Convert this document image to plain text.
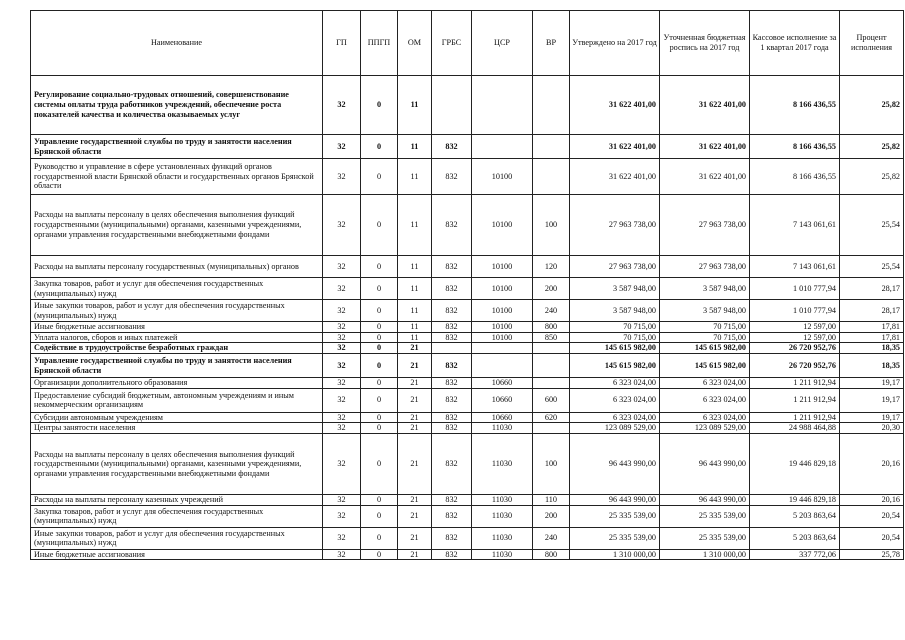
Наименование	ГП	ППГП	ОМ	ГРБС	ЦСР	ВР	Утверждено на 2017 год	Уточненная бюджетная роспись на 2017 год	Кассовое исполнение за 1 квартал 2017 года	Процент исполнения
Регулирование социально-трудовых отношений, совершенствование системы оплаты труда работников учреждений, обеспечение роста показателей качества и количества оказываемых услуг	32	0	11				31 622 401,00	31 622 401,00	8 166 436,55	25,82
Управление государственной службы по труду и занятости населения Брянской области	32	0	11	832			31 622 401,00	31 622 401,00	8 166 436,55	25,82
Руководство и управление в сфере установленных функций органов государственной власти Брянской области и государственных органов Брянской области	32	0	11	832	10100		31 622 401,00	31 622 401,00	8 166 436,55	25,82
Расходы на выплаты персоналу в целях обеспечения выполнения функций государственными (муниципальными) органами, казенными учреждениями, органами управления государственными внебюджетными фондами	32	0	11	832	10100	100	27 963 738,00	27 963 738,00	7 143 061,61	25,54
Расходы на выплаты персоналу государственных (муниципальных) органов	32	0	11	832	10100	120	27 963 738,00	27 963 738,00	7 143 061,61	25,54
Закупка товаров, работ и услуг для обеспечения государственных (муниципальных) нужд	32	0	11	832	10100	200	3 587 948,00	3 587 948,00	1 010 777,94	28,17
Иные закупки товаров, работ и услуг для обеспечения государственных (муниципальных) нужд	32	0	11	832	10100	240	3 587 948,00	3 587 948,00	1 010 777,94	28,17
Иные бюджетные ассигнования	32	0	11	832	10100	800	70 715,00	70 715,00	12 597,00	17,81
Уплата налогов, сборов и иных платежей	32	0	11	832	10100	850	70 715,00	70 715,00	12 597,00	17,81
Содействие в трудоустройстве безработных граждан	32	0	21				145 615 982,00	145 615 982,00	26 720 952,76	18,35
Управление государственной службы по труду и занятости населения Брянской области	32	0	21	832			145 615 982,00	145 615 982,00	26 720 952,76	18,35
Организации дополнительного образования	32	0	21	832	10660		6 323 024,00	6 323 024,00	1 211 912,94	19,17
Предоставление субсидий бюджетным, автономным учреждениям и иным некоммерческим организациям	32	0	21	832	10660	600	6 323 024,00	6 323 024,00	1 211 912,94	19,17
Субсидии автономным учреждениям	32	0	21	832	10660	620	6 323 024,00	6 323 024,00	1 211 912,94	19,17
Центры занятости населения	32	0	21	832	11030		123 089 529,00	123 089 529,00	24 988 464,88	20,30
Расходы на выплаты персоналу в целях обеспечения выполнения функций государственными (муниципальными) органами, казенными учреждениями, органами управления государственными внебюджетными фондами	32	0	21	832	11030	100	96 443 990,00	96 443 990,00	19 446 829,18	20,16
Расходы на выплаты персоналу казенных учреждений	32	0	21	832	11030	110	96 443 990,00	96 443 990,00	19 446 829,18	20,16
Закупка товаров, работ и услуг для обеспечения государственных (муниципальных) нужд	32	0	21	832	11030	200	25 335 539,00	25 335 539,00	5 203 863,64	20,54
Иные закупки товаров, работ и услуг для обеспечения государственных (муниципальных) нужд	32	0	21	832	11030	240	25 335 539,00	25 335 539,00	5 203 863,64	20,54
Иные бюджетные ассигнования	32	0	21	832	11030	800	1 310 000,00	1 310 000,00	337 772,06	25,78
